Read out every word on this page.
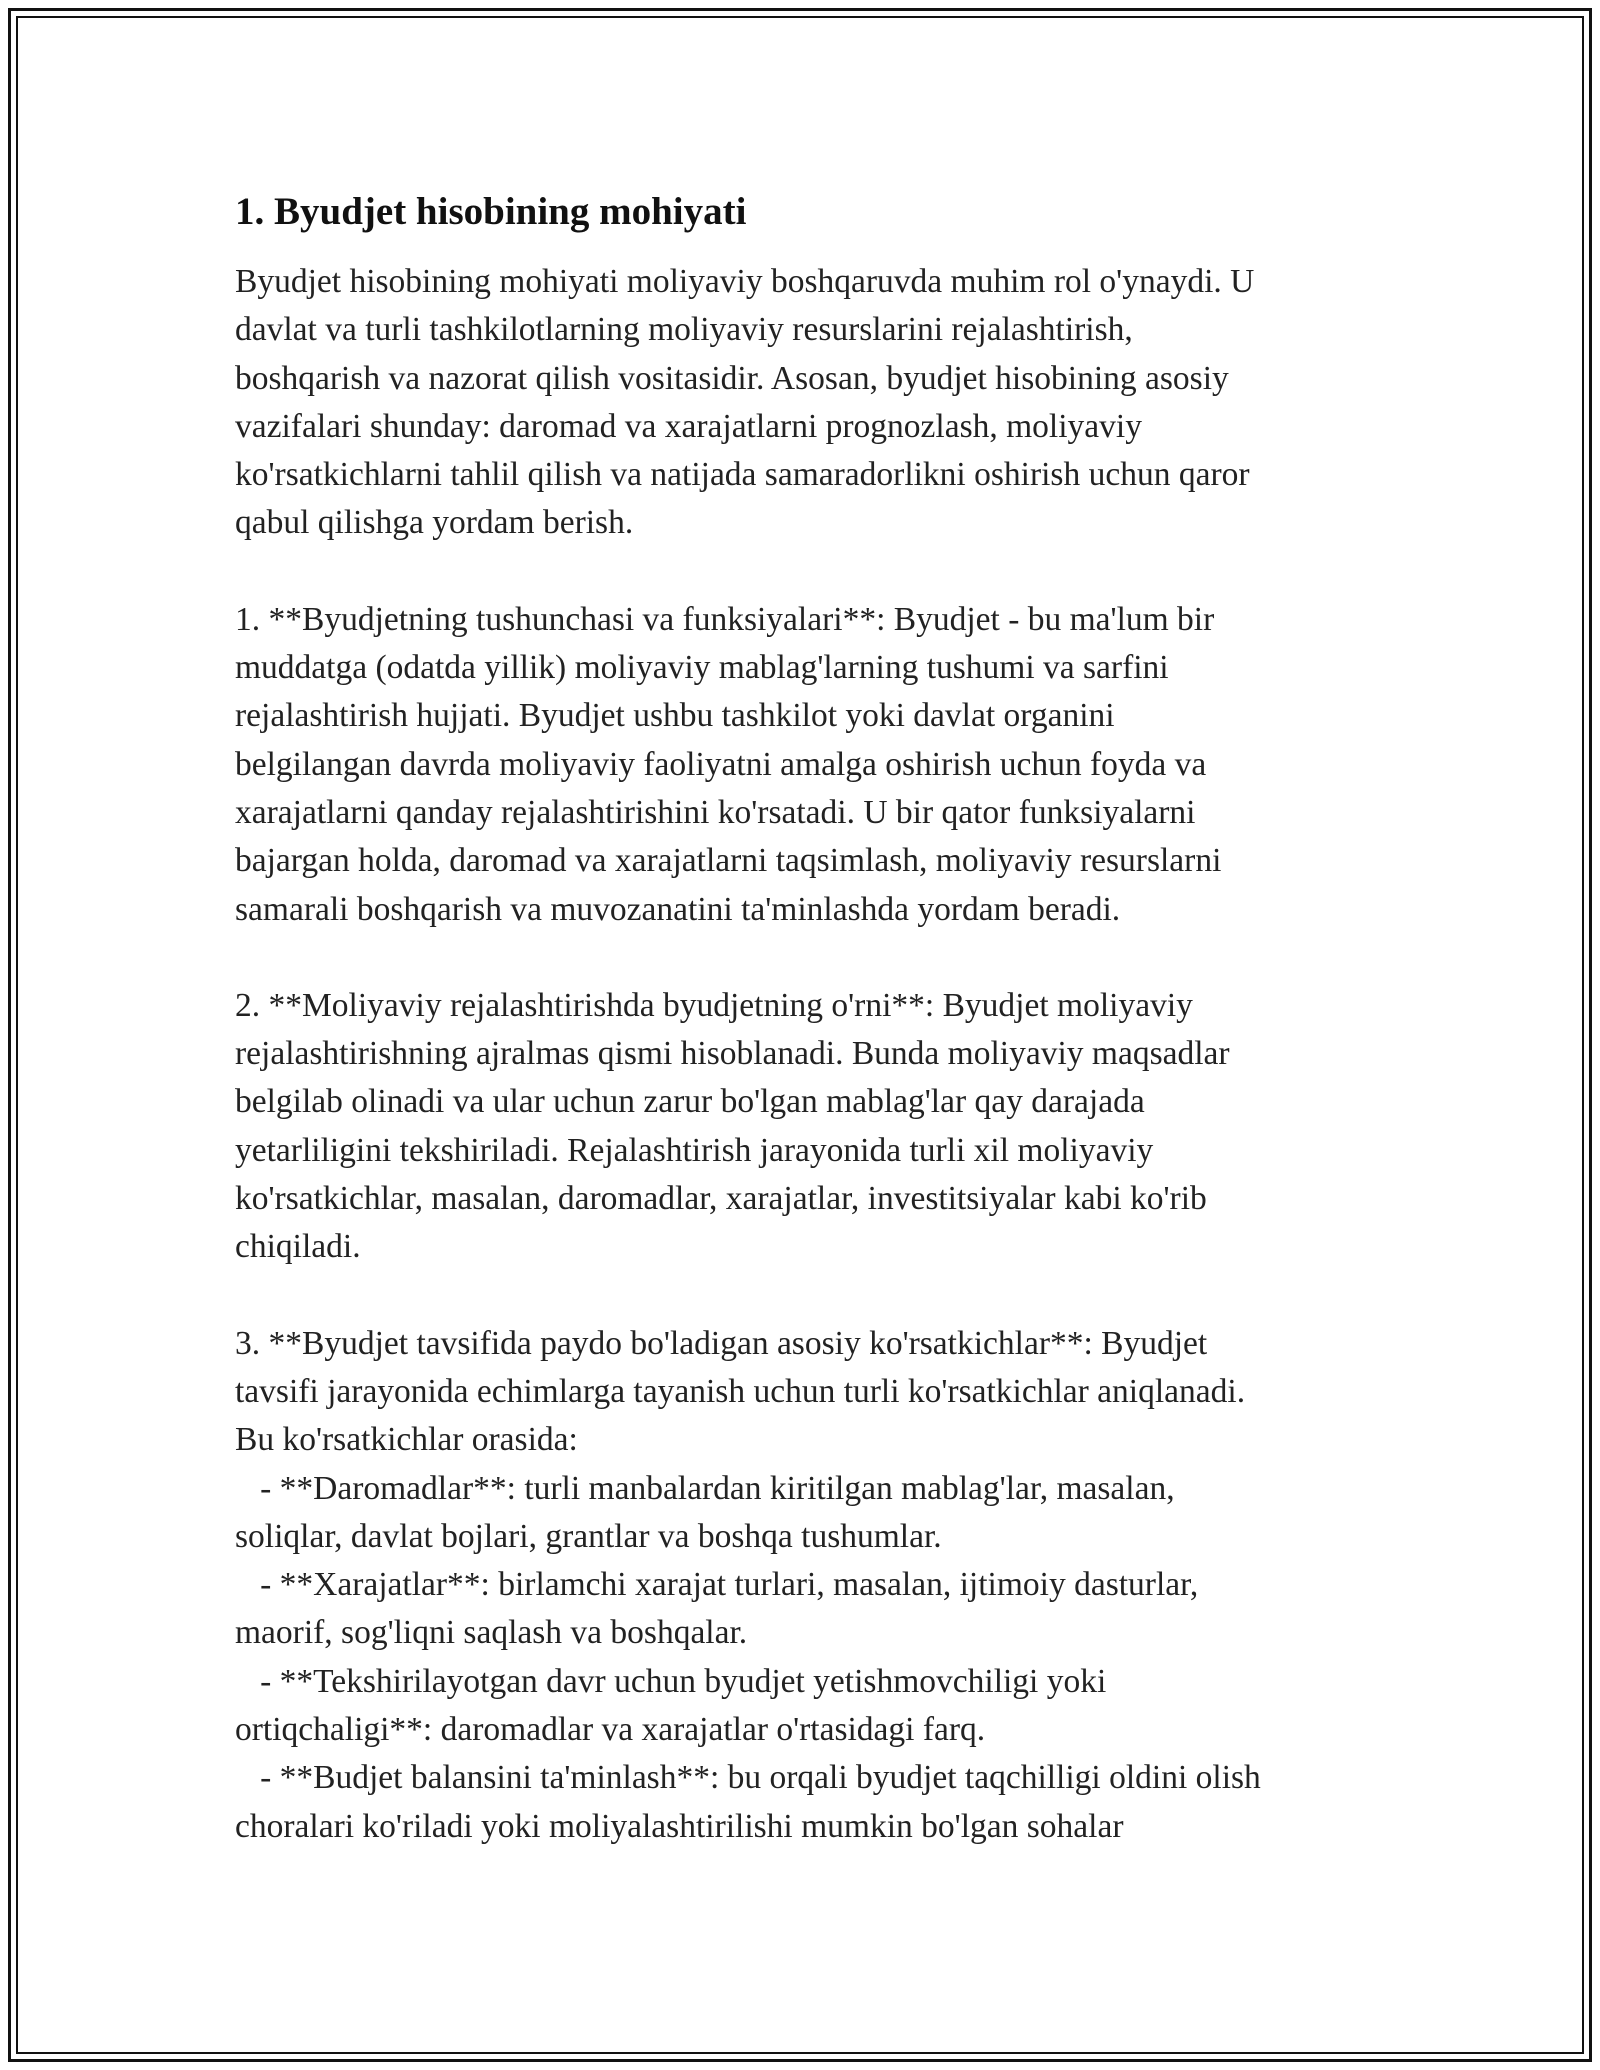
1. Byudjet hisobining mohiyati
Byudjet hisobining mohiyati moliyaviy boshqaruvda muhim rol o'ynaydi. U
davlat va turli tashkilotlarning moliyaviy resurslarini rejalashtirish,
boshqarish va nazorat qilish vositasidir. Asosan, byudjet hisobining asosiy
vazifalari shunday: daromad va xarajatlarni prognozlash, moliyaviy
ko'rsatkichlarni tahlil qilish va natijada samaradorlikni oshirish uchun qaror
qabul qilishga yordam berish.
1. **Byudjetning tushunchasi va funksiyalari**: Byudjet - bu ma'lum bir
muddatga (odatda yillik) moliyaviy mablag'larning tushumi va sarfini
rejalashtirish hujjati. Byudjet ushbu tashkilot yoki davlat organini
belgilangan davrda moliyaviy faoliyatni amalga oshirish uchun foyda va
xarajatlarni qanday rejalashtirishini ko'rsatadi. U bir qator funksiyalarni
bajargan holda, daromad va xarajatlarni taqsimlash, moliyaviy resurslarni
samarali boshqarish va muvozanatini ta'minlashda yordam beradi.
2. **Moliyaviy rejalashtirishda byudjetning o'rni**: Byudjet moliyaviy
rejalashtirishning ajralmas qismi hisoblanadi. Bunda moliyaviy maqsadlar
belgilab olinadi va ular uchun zarur bo'lgan mablag'lar qay darajada
yetarliligini tekshiriladi. Rejalashtirish jarayonida turli xil moliyaviy
ko'rsatkichlar, masalan, daromadlar, xarajatlar, investitsiyalar kabi ko'rib
chiqiladi.
3. **Byudjet tavsifida paydo bo'ladigan asosiy ko'rsatkichlar**: Byudjet
tavsifi jarayonida echimlarga tayanish uchun turli ko'rsatkichlar aniqlanadi.
Bu ko'rsatkichlar orasida:
- **Daromadlar**: turli manbalardan kiritilgan mablag'lar, masalan,
soliqlar, davlat bojlari, grantlar va boshqa tushumlar.
- **Xarajatlar**: birlamchi xarajat turlari, masalan, ijtimoiy dasturlar,
maorif, sog'liqni saqlash va boshqalar.
- **Tekshirilayotgan davr uchun byudjet yetishmovchiligi yoki
ortiqchaligi**: daromadlar va xarajatlar o'rtasidagi farq.
- **Budjet balansini ta'minlash**: bu orqali byudjet taqchilligi oldini olish
choralari ko'riladi yoki moliyalashtirilishi mumkin bo'lgan sohalar
